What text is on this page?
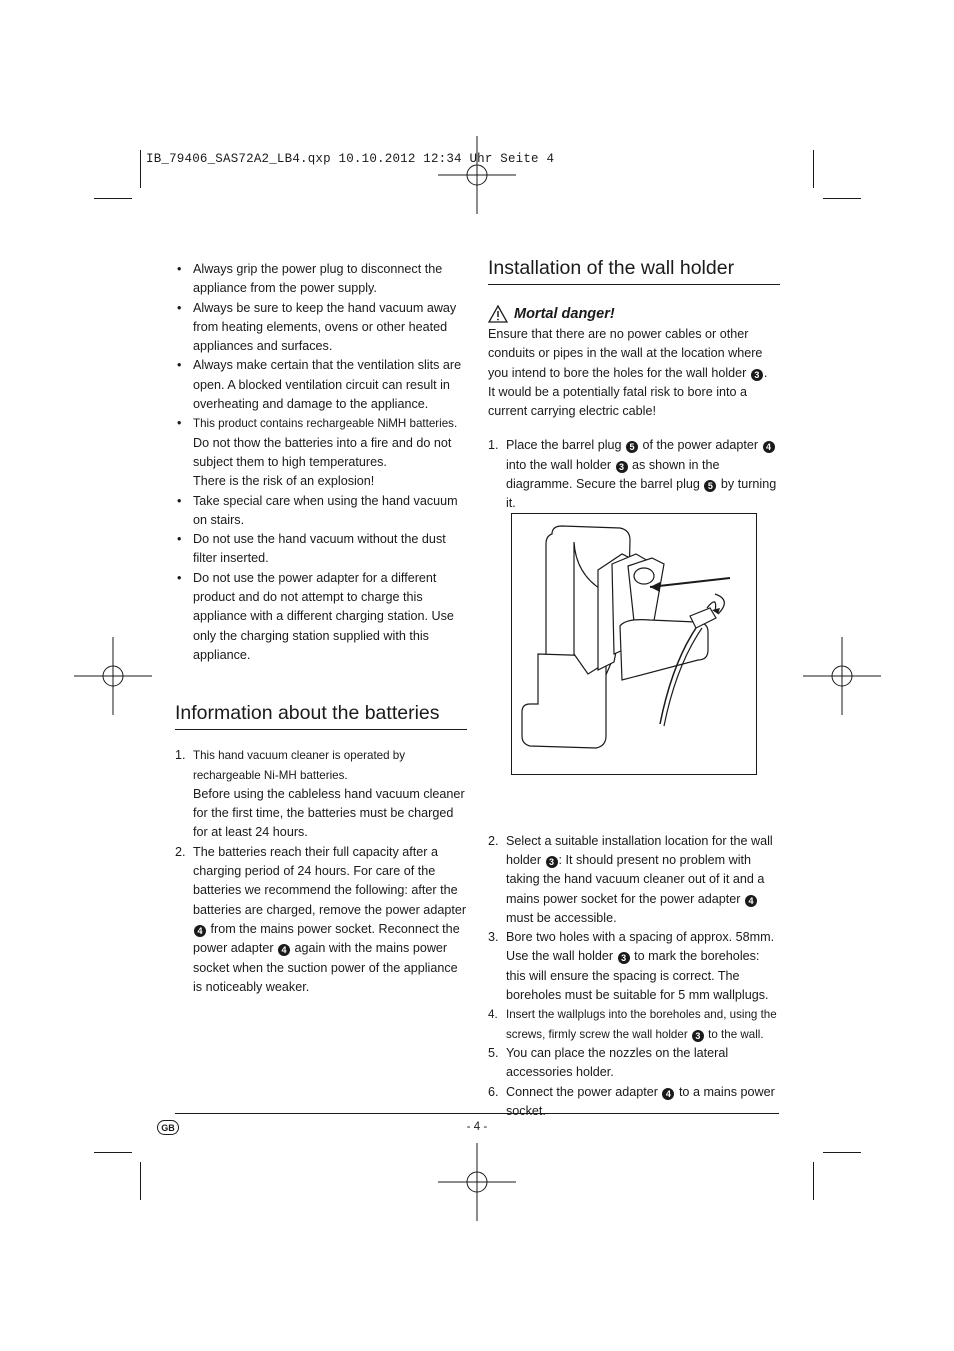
IB_79406_SAS72A2_LB4.qxp 10.10.2012 12:34 Uhr Seite 4
• Always grip the power plug to disconnect the appliance from the power supply.
• Always be sure to keep the hand vacuum away from heating elements, ovens or other heated appliances and surfaces.
• Always make certain that the ventilation slits are open. A blocked ventilation circuit can result in overheating and damage to the appliance.
• This product contains rechargeable NiMH batteries. Do not thow the batteries into a fire and do not subject them to high temperatures.
There is the risk of an explosion!
• Take special care when using the hand vacuum on stairs.
• Do not use the hand vacuum without the dust filter inserted.
• Do not use the power adapter for a different product and do not attempt to charge this appliance with a different charging station. Use only the charging station supplied with this appliance.
Information about the batteries
1. This hand vacuum cleaner is operated by rechargeable Ni-MH batteries.
Before using the cableless hand vacuum cleaner for the first time, the batteries must be charged for at least 24 hours.
2. The batteries reach their full capacity after a charging period of 24 hours. For care of the batteries we recommend the following: after the batteries are charged, remove the power adapter 4 from the mains power socket. Reconnect the power adapter 4 again with the mains power socket when the suction power of the appliance is noticeably weaker.
Installation of the wall holder
Mortal danger!

Ensure that there are no power cables or other conduits or pipes in the wall at the location where you intend to bore the holes for the wall holder 3 .

It would be a potentially fatal risk to bore into a current carrying electric cable!

1. Place the barrel plug 5 of the power adapter 4 into the wall holder 3 as shown in the diagramme. Secure the barrel plug 5 by turning it.
2. Select a suitable installation location for the wall holder 3 : It should present no problem with taking the hand vacuum cleaner out of it and a mains power socket for the power adapter 4 must be accessible.
3. Bore two holes with a spacing of approx. 58mm. Use the wall holder 3 to mark the boreholes: this will ensure the spacing is correct. The boreholes must be suitable for 5 mm wallplugs.
4. Insert the wallplugs into the boreholes and, using the screws, firmly screw the wall holder 3 to the wall.
5. You can place the nozzles on the lateral accessories holder.
6. Connect the power adapter 4 to a mains power socket.
GB	- 4 -
